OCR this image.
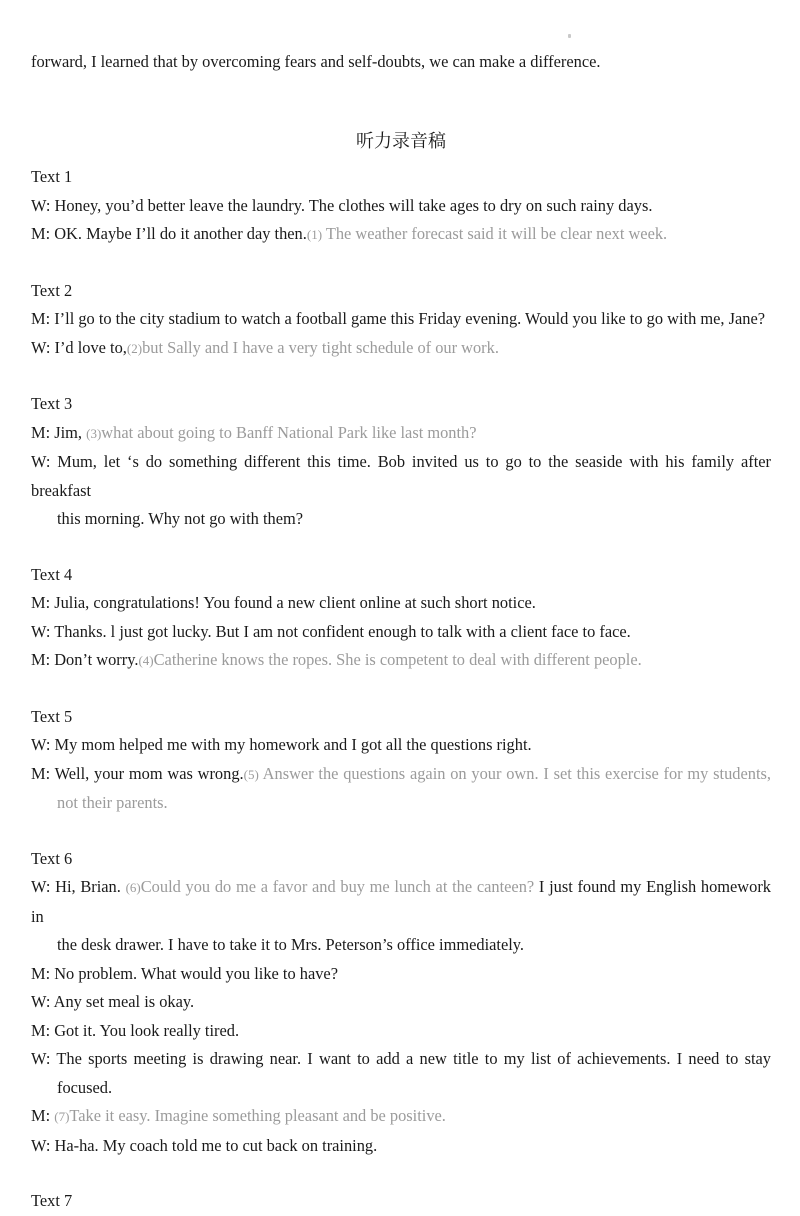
forward, I learned that by overcoming fears and self-doubts, we can make a difference.

听力录音稿
Text 1
W: Honey, you’d better leave the laundry. The clothes will take ages to dry on such rainy days.
M: OK. Maybe I’ll do it another day then.(1) The weather forecast said it will be clear next week.
Text 2
M: I’ll go to the city stadium to watch a football game this Friday evening. Would you like to go with me, Jane?
W: I’d love to,(2)but Sally and I have a very tight schedule of our work.
Text 3
M: Jim, (3)what about going to Banff National Park like last month?
W: Mum, let ‘s do something different this time. Bob invited us to go to the seaside with his family after breakfast
this morning. Why not go with them?
Text 4
M: Julia, congratulations! You found a new client online at such short notice.
W: Thanks. l just got lucky. But I am not confident enough to talk with a client face to face.
M: Don’t worry.(4)Catherine knows the ropes. She is competent to deal with different people.
Text 5
W: My mom helped me with my homework and I got all the questions right.
M: Well, your mom was wrong.(5) Answer the questions again on your own. I set this exercise for my students,
not their parents.
Text 6
W: Hi, Brian. (6)Could you do me a favor and buy me lunch at the canteen? I just found my English homework in
the desk drawer. I have to take it to Mrs. Peterson’s office immediately.
M: No problem. What would you like to have?
W: Any set meal is okay.
M: Got it. You look really tired.
W: The sports meeting is drawing near. I want to add a new title to my list of achievements. I need to stay
focused.
M: (7)Take it easy. Imagine something pleasant and be positive.
W: Ha-ha. My coach told me to cut back on training.
Text 7
